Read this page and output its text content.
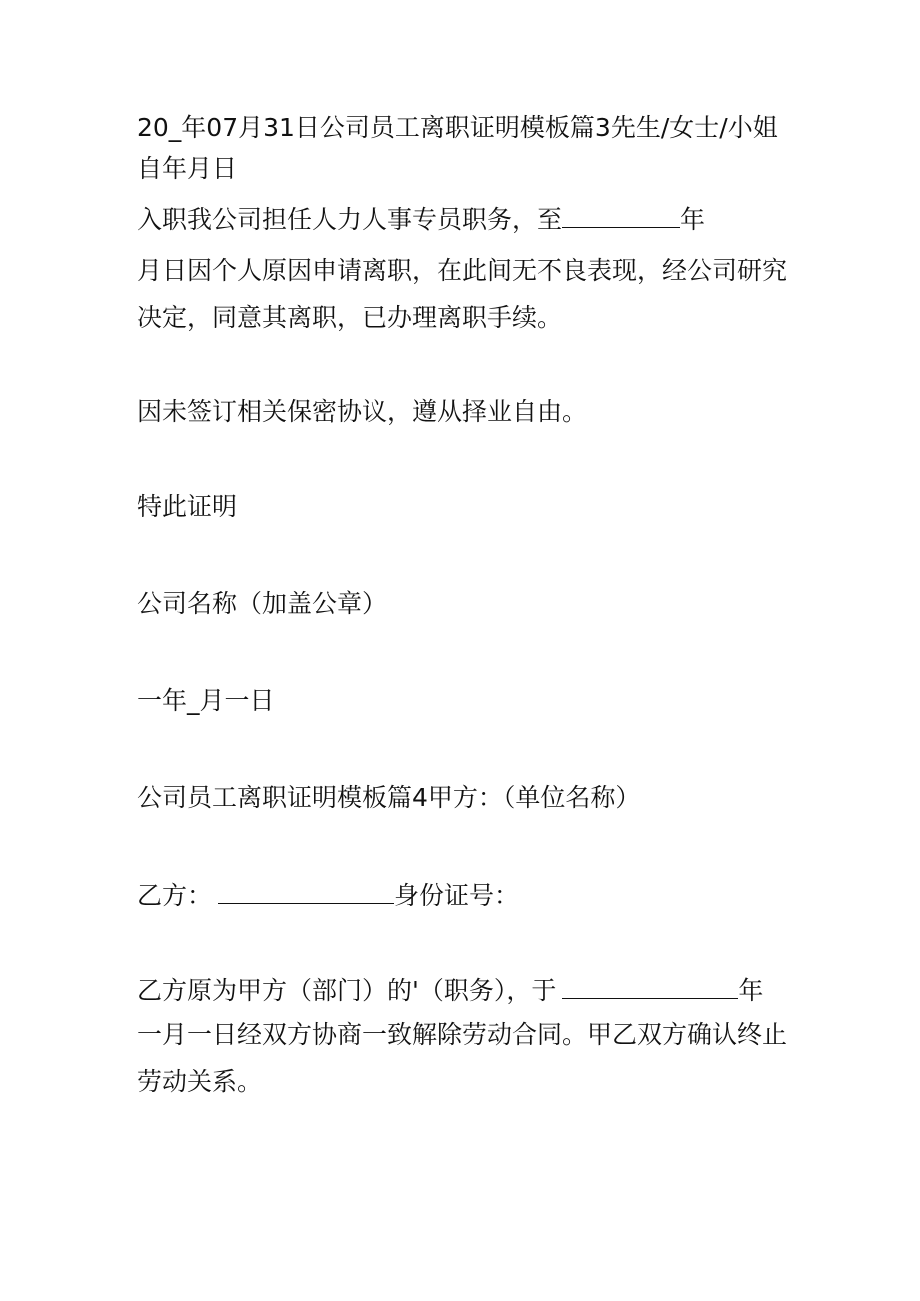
20_年07月31日公司员工离职证明模板篇3先生/女士/小姐
自年月日
入职我公司担任人力人事专员职务，至	年
月日因个人原因申请离职，在此间无不良表现，经公司研究
决定，同意其离职，已办理离职手续。
因未签订相关保密协议，遵从择业自由。
特此证明
公司名称（加盖公章）
一年_月一日
公司员工离职证明模板篇4甲方：（单位名称）
乙方：	身份证号：
乙方原为甲方（部门）的'（职务），于	年
一月一日经双方协商一致解除劳动合同。甲乙双方确认终止
劳动关系。
